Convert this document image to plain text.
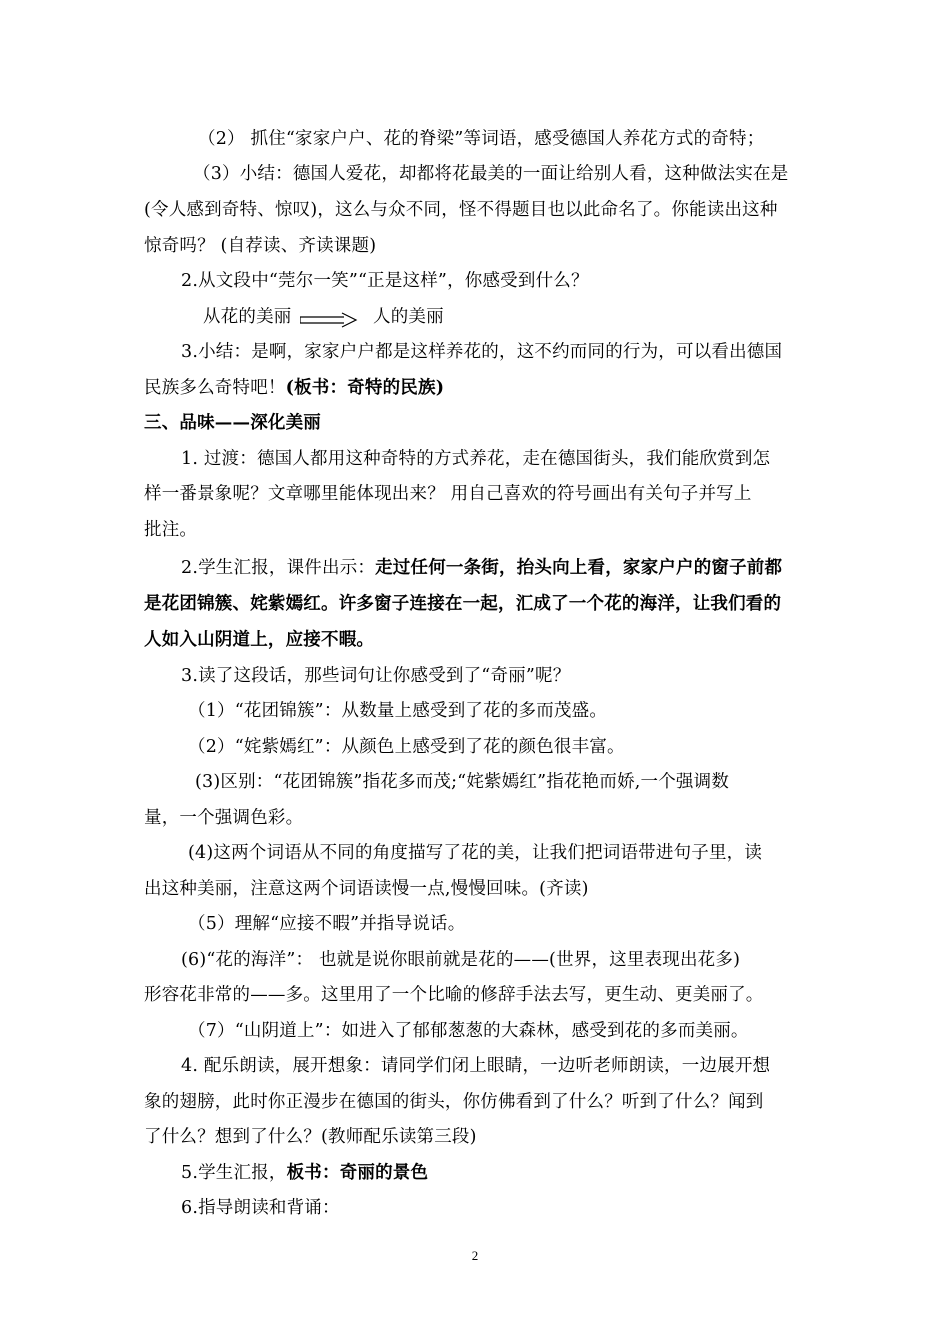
（2） 抓住“家家户户、花的脊梁”等词语，感受德国人养花方式的奇特；
（3）小结：德国人爱花，却都将花最美的一面让给别人看，这种做法实在是
(令人感到奇特、惊叹)，这么与众不同，怪不得题目也以此命名了。你能读出这种
惊奇吗？ (自荐读、齐读课题)
2.从文段中“莞尔一笑”“正是这样”，你感受到什么？
从花的美丽	人的美丽
3.小结：是啊，家家户户都是这样养花的，这不约而同的行为，可以看出德国
民族多么奇特吧！(板书：奇特的民族)
三、品味——深化美丽
1. 过渡：德国人都用这种奇特的方式养花，走在德国街头，我们能欣赏到怎
样一番景象呢？文章哪里能体现出来？ 用自己喜欢的符号画出有关句子并写上
批注。
2.学生汇报，课件出示：走过任何一条街，抬头向上看，家家户户的窗子前都
是花团锦簇、姹紫嫣红。许多窗子连接在一起，汇成了一个花的海洋，让我们看的
人如入山阴道上，应接不暇。
3.读了这段话，那些词句让你感受到了“奇丽”呢？
（1）“花团锦簇”：从数量上感受到了花的多而茂盛。
（2）“姹紫嫣红”：从颜色上感受到了花的颜色很丰富。
(3)区别：“花团锦簇”指花多而茂;“姹紫嫣红”指花艳而娇,一个强调数
量，一个强调色彩。
(4)这两个词语从不同的角度描写了花的美，让我们把词语带进句子里，读
出这种美丽，注意这两个词语读慢一点,慢慢回味。(齐读)
（5）理解“应接不暇”并指导说话。
(6)“花的海洋”： 也就是说你眼前就是花的——(世界，这里表现出花多)
形容花非常的——多。这里用了一个比喻的修辞手法去写，更生动、更美丽了。
（7）“山阴道上”：如进入了郁郁葱葱的大森林，感受到花的多而美丽。
4. 配乐朗读，展开想象：请同学们闭上眼睛，一边听老师朗读，一边展开想
象的翅膀，此时你正漫步在德国的街头，你仿佛看到了什么？听到了什么？闻到
了什么？想到了什么？(教师配乐读第三段)
5.学生汇报，板书：奇丽的景色
6.指导朗读和背诵：
2
